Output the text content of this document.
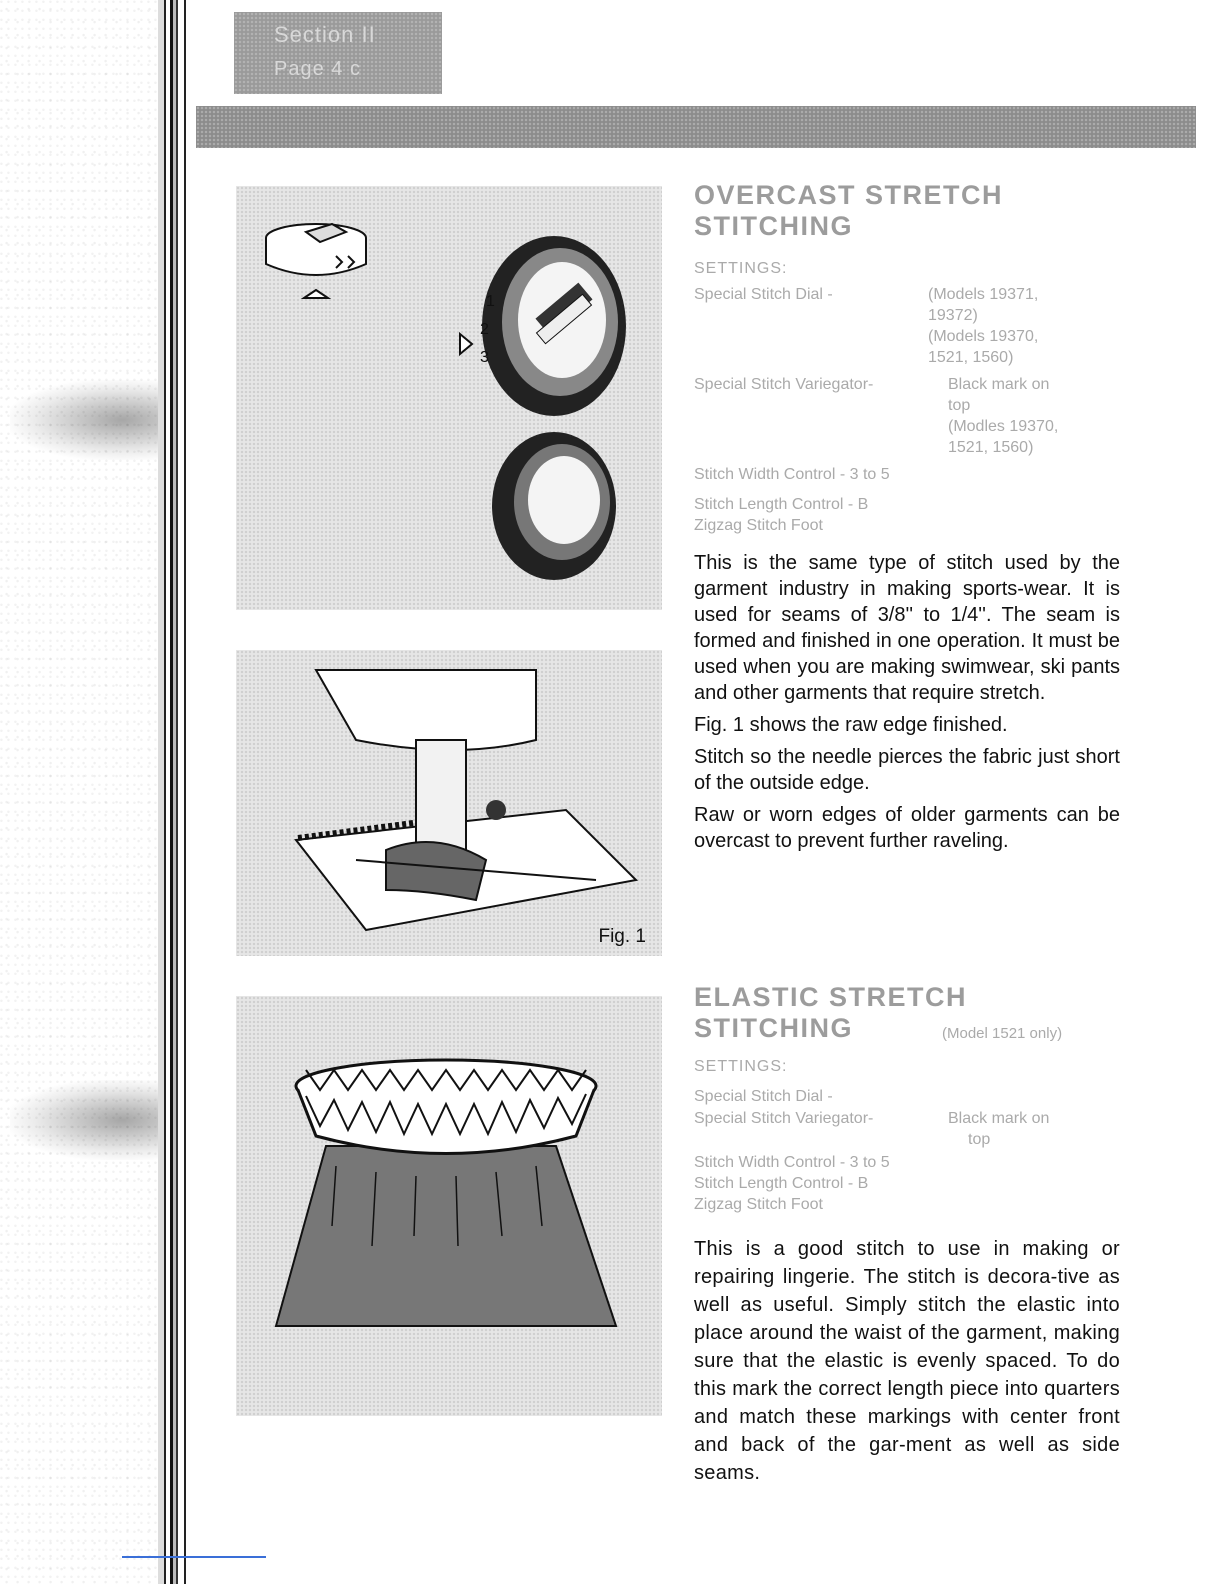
Section II
Page 4 c
1
2
3
Fig. 1
OVERCAST STRETCH
STITCHING
SETTINGS:
Special Stitch Dial -	(Models 19371,
19372)
(Models 19370,
1521, 1560)
Special Stitch Variegator-	Black mark on
top
(Modles 19370,
1521, 1560)
Stitch Width Control - 3 to 5
Stitch Length Control - B
Zigzag Stitch Foot

This is the same type of stitch used by the garment industry in making sports-wear. It is used for seams of 3/8'' to 1/4''. The seam is formed and finished in one operation. It must be used when you are making swimwear, ski pants and other garments that require stretch.

Fig. 1 shows the raw edge finished.

Stitch so the needle pierces the fabric just short of the outside edge.

Raw or worn edges of older garments can be overcast to prevent further raveling.

ELASTIC STRETCH
STITCHING	(Model 1521 only)
SETTINGS:
Special Stitch Dial -
Special Stitch Variegator-	Black mark on
top
Stitch Width Control - 3 to 5
Stitch Length Control - B
Zigzag Stitch Foot
This is a good stitch to use in making or repairing lingerie. The stitch is decora-tive as well as useful. Simply stitch the elastic into place around the waist of the garment, making sure that the elastic is evenly spaced. To do this mark the correct length piece into quarters and match these markings with center front and back of the gar-ment as well as side seams.
